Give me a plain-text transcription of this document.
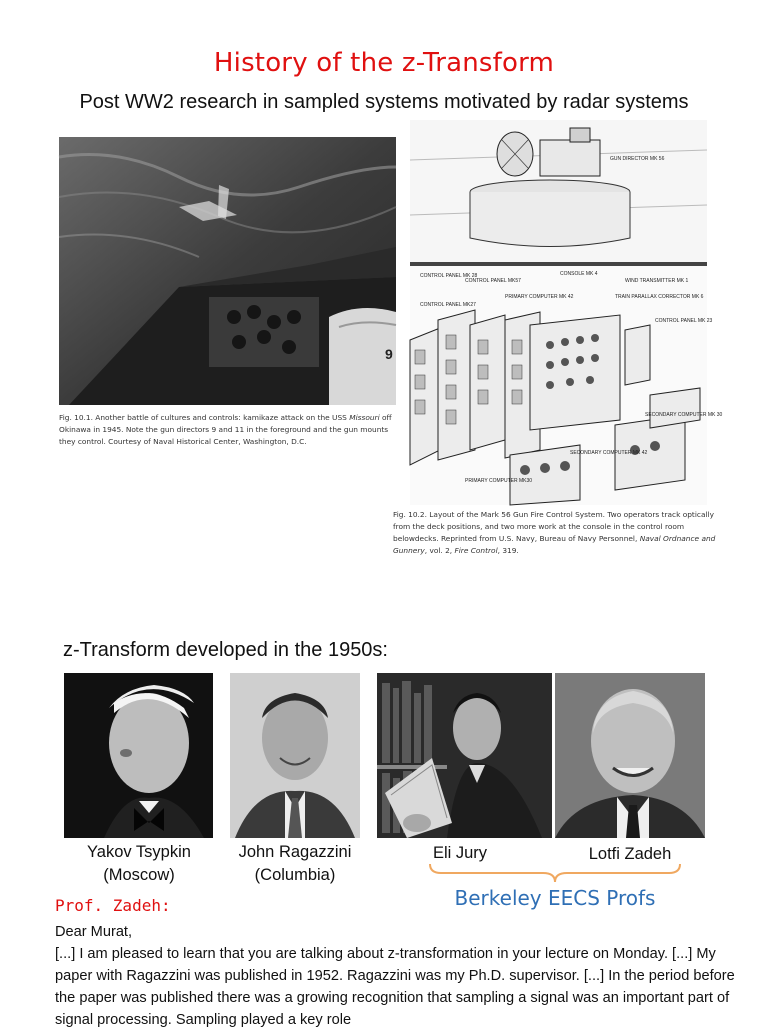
History of the z-Transform
Post WW2 research in sampled systems motivated by radar systems
9
Fig. 10.1. Another battle of cultures and controls: kamikaze attack on the USS Missouri off Okinawa in 1945. Note the gun directors 9 and 11 in the foreground and the gun mounts they control. Courtesy of Naval Historical Center, Washington, D.C.
GUN DIRECTOR MK 56
CONTROL PANEL MK 28
CONTROL PANEL MK57
CONSOLE MK 4
WIND TRANSMITTER MK 1
CONTROL PANEL MK27
PRIMARY COMPUTER MK 42	TRAIN PARALLAX CORRECTOR MK 6
CONTROL PANEL MK 23
SECONDARY COMPUTER MK 30
SECONDARY COMPUTER MK 42
PRIMARY COMPUTER MK30
Fig. 10.2. Layout of the Mark 56 Gun Fire Control System. Two operators track optically from the deck positions, and two more work at the console in the control room belowdecks. Reprinted from U.S. Navy, Bureau of Navy Personnel, Naval Ordnance and Gunnery, vol. 2, Fire Control, 319.
z-Transform developed in the 1950s:
Yakov Tsypkin
(Moscow)
John Ragazzini
(Columbia)
Eli Jury	Lotfi Zadeh
Berkeley EECS Profs
Prof. Zadeh:

Dear Murat,

[...] I am pleased to learn that you are talking about z-transformation in your lecture on Monday. [...] My paper with Ragazzini was published in 1952. Ragazzini was my Ph.D. supervisor. [...] In the period before the paper was published there was a growing recognition that sampling a signal was an important part of signal processing. Sampling played a key role
